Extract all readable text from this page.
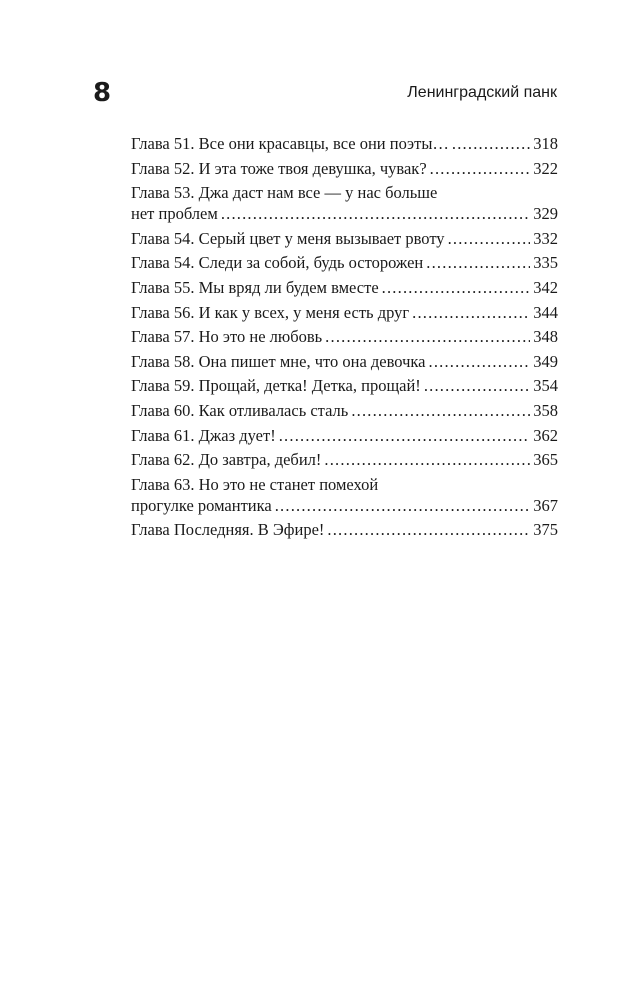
8	Ленинградский панк
Глава 51. Все они красавцы, все они поэты… .....	318
Глава 52. И эта тоже твоя девушка, чувак? .....	322
Глава 53. Джа даст нам все — у нас больше
нет проблем .....	329
Глава 54. Серый цвет у меня вызывает рвоту .....	332
Глава 54. Следи за собой, будь осторожен .....	335
Глава 55. Мы вряд ли будем вместе .....	342
Глава 56. И как у всех, у меня есть друг .....	344
Глава 57. Но это не любовь .....	348
Глава 58. Она пишет мне, что она девочка .....	349
Глава 59. Прощай, детка! Детка, прощай! .....	354
Глава 60. Как отливалась сталь .....	358
Глава 61. Джаз дует! .....	362
Глава 62. До завтра, дебил! .....	365
Глава 63. Но это не станет помехой
прогулке романтика .....	367
Глава Последняя. В Эфире! .....	375
